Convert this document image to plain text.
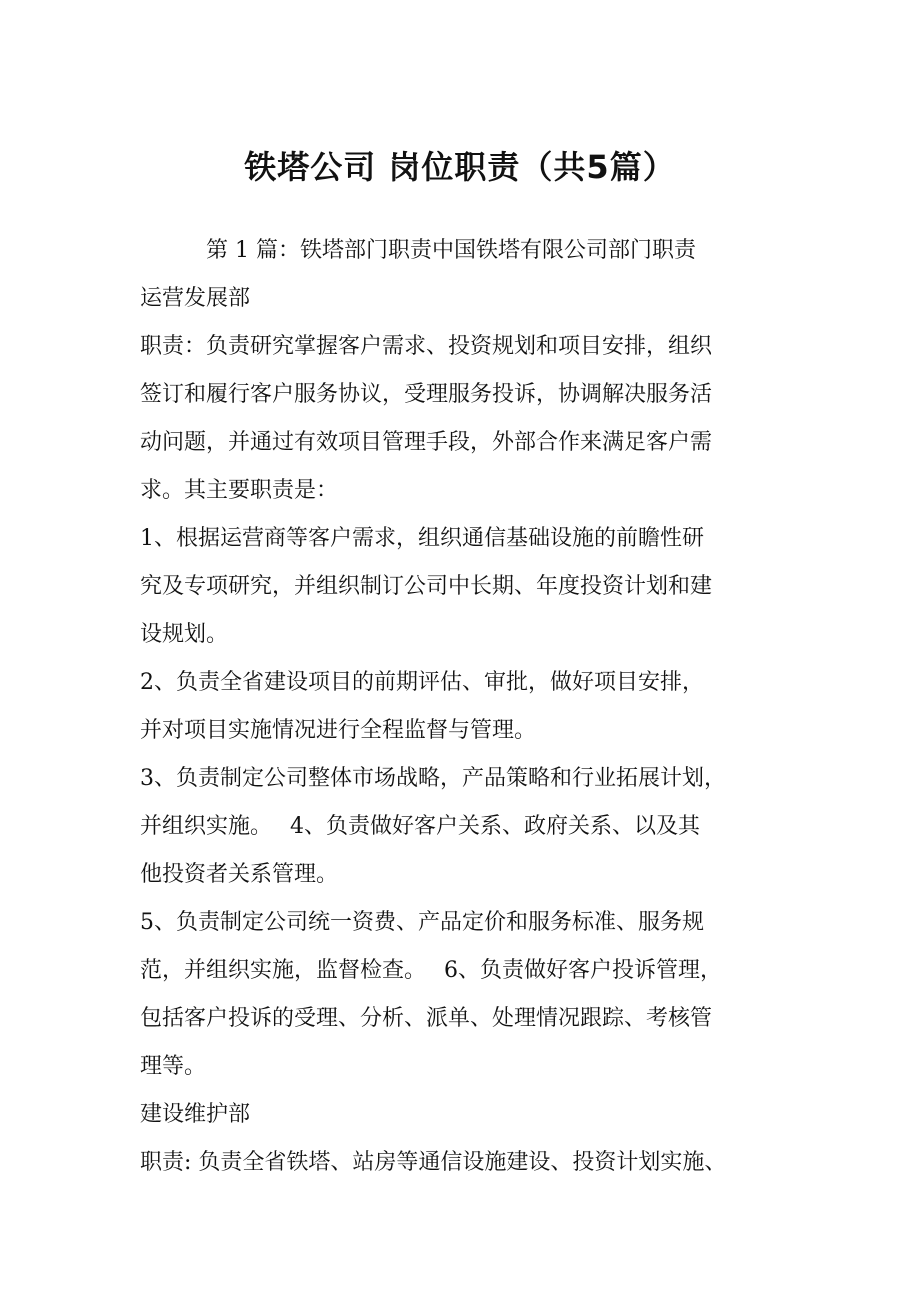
铁塔公司 岗位职责（共5篇）
第 1 篇：铁塔部门职责中国铁塔有限公司部门职责
运营发展部
职责：负责研究掌握客户需求、投资规划和项目安排，组织
签订和履行客户服务协议，受理服务投诉，协调解决服务活
动问题，并通过有效项目管理手段，外部合作来满足客户需
求。其主要职责是：
1、根据运营商等客户需求，组织通信基础设施的前瞻性研
究及专项研究，并组织制订公司中长期、年度投资计划和建
设规划。
2、负责全省建设项目的前期评估、审批，做好项目安排，
并对项目实施情况进行全程监督与管理。
3、负责制定公司整体市场战略，产品策略和行业拓展计划，
并组织实施。　 4、负责做好客户关系、政府关系、以及其
他投资者关系管理。
5、负责制定公司统一资费、产品定价和服务标准、服务规
范，并组织实施，监督检查。　 6、负责做好客户投诉管理，
包括客户投诉的受理、分析、派单、处理情况跟踪、考核管
理等。
建设维护部
职责: 负责全省铁塔、站房等通信设施建设、投资计划实施、
